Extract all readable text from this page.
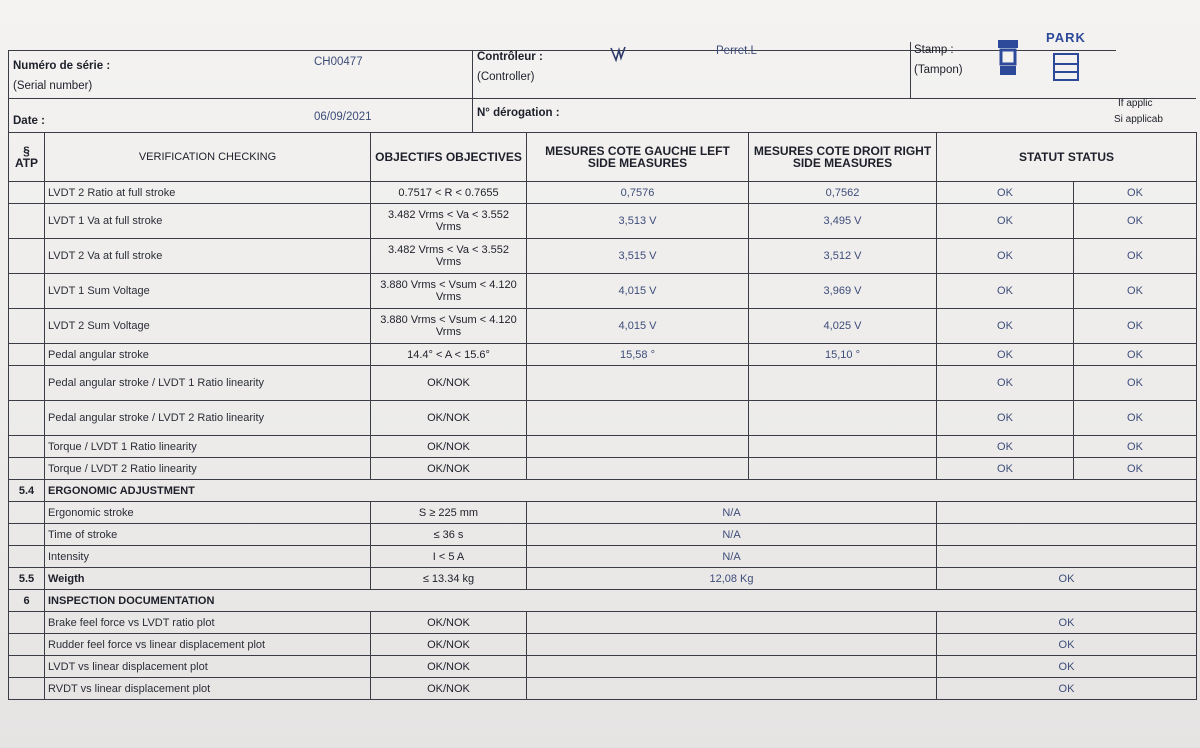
Numéro de série :
(Serial number)
CH00477	Contrôleur :
(Controller)
Perret.L	Stamp :
(Tampon)
PARK
Date :	06/09/2021	N° dérogation :
If applic
Si applicab
§ ATP	VERIFICATION CHECKING	OBJECTIFS OBJECTIVES	MESURES COTE GAUCHE LEFT SIDE MEASURES	MESURES COTE DROIT RIGHT SIDE MEASURES	STATUT STATUS	
	LVDT 2 Ratio at full stroke	0.7517 < R < 0.7655	0,7576	0,7562	OK	OK
	LVDT 1 Va at full stroke	3.482 Vrms < Va < 3.552 Vrms	3,513 V	3,495 V	OK	OK
	LVDT 2 Va at full stroke	3.482 Vrms < Va < 3.552 Vrms	3,515 V	3,512 V	OK	OK
	LVDT 1 Sum Voltage	3.880 Vrms < Vsum < 4.120 Vrms	4,015 V	3,969 V	OK	OK
	LVDT 2 Sum Voltage	3.880 Vrms < Vsum < 4.120 Vrms	4,015 V	4,025 V	OK	OK
	Pedal angular stroke	14.4° < A < 15.6°	15,58 °	15,10 °	OK	OK
	Pedal angular stroke / LVDT 1 Ratio linearity	OK/NOK			OK	OK
	Pedal angular stroke / LVDT 2 Ratio linearity	OK/NOK			OK	OK
	Torque / LVDT 1 Ratio linearity	OK/NOK			OK	OK
	Torque / LVDT 2 Ratio linearity	OK/NOK			OK	OK
5.4	ERGONOMIC ADJUSTMENT					
	Ergonomic stroke	S ≥ 225 mm	N/A			
	Time of stroke	≤ 36 s	N/A			
	Intensity	I < 5 A	N/A			
5.5	Weigth	≤ 13.34 kg	12,08 Kg		OK	
6	INSPECTION DOCUMENTATION					
	Brake feel force vs LVDT ratio plot	OK/NOK			OK	
	Rudder feel force vs linear displacement plot	OK/NOK			OK	
	LVDT vs linear displacement plot	OK/NOK			OK	
	RVDT vs linear displacement plot	OK/NOK			OK	
